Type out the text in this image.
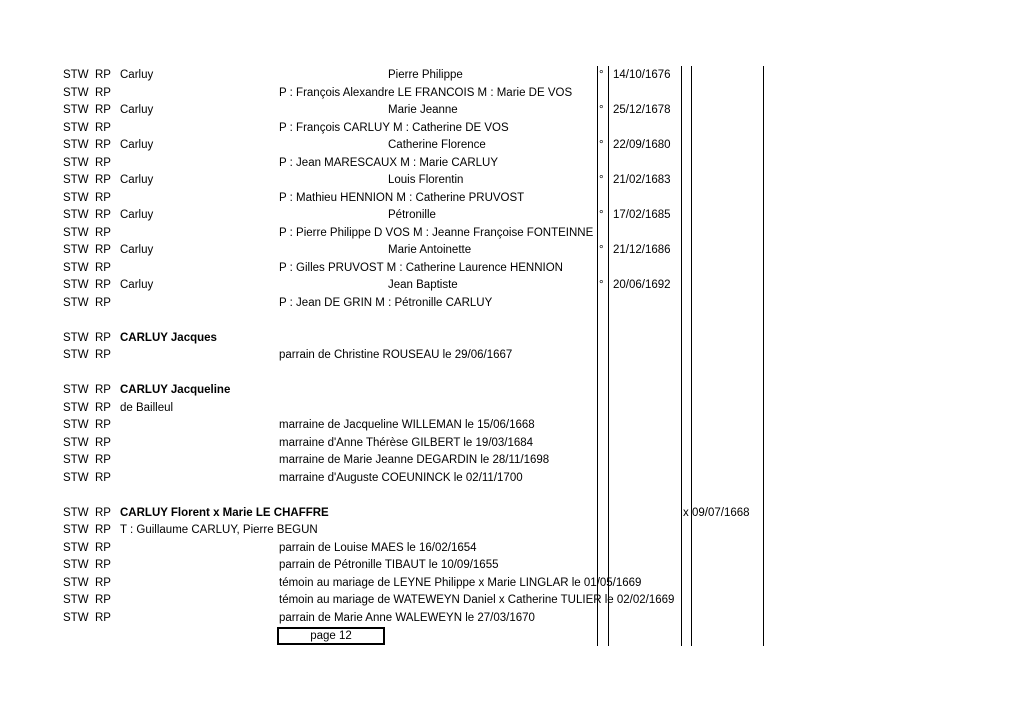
STW RP Carluy	Pierre Philippe	° 14/10/1676
STW RP	P : François Alexandre LE FRANCOIS M : Marie DE VOS
STW RP Carluy	Marie Jeanne	° 25/12/1678
STW RP	P : François CARLUY M : Catherine DE VOS
STW RP Carluy	Catherine Florence	° 22/09/1680
STW RP	P : Jean MARESCAUX M : Marie CARLUY
STW RP Carluy	Louis Florentin	° 21/02/1683
STW RP	P : Mathieu HENNION M : Catherine PRUVOST
STW RP Carluy	Pétronille	° 17/02/1685
STW RP	P : Pierre Philippe D VOS M : Jeanne Françoise FONTEINNE
STW RP Carluy	Marie Antoinette	° 21/12/1686
STW RP	P : Gilles PRUVOST M : Catherine Laurence HENNION
STW RP Carluy	Jean Baptiste	° 20/06/1692
STW RP	P : Jean DE GRIN M : Pétronille CARLUY
STW RP CARLUY Jacques
STW RP	parrain de Christine ROUSEAU le 29/06/1667
STW RP CARLUY Jacqueline
STW RP de Bailleul
STW RP	marraine de Jacqueline WILLEMAN le 15/06/1668
STW RP	marraine d'Anne Thérèse GILBERT le 19/03/1684
STW RP	marraine de Marie Jeanne DEGARDIN le 28/11/1698
STW RP	marraine d'Auguste COEUNINCK le 02/11/1700
STW RP CARLUY Florent x Marie LE CHAFFRE	x 09/07/1668
STW RP T : Guillaume CARLUY, Pierre BEGUN
STW RP	parrain de Louise MAES le 16/02/1654
STW RP	parrain de Pétronille TIBAUT le 10/09/1655
STW RP	témoin au mariage de LEYNE Philippe x Marie LINGLAR le 01/05/1669
STW RP	témoin au mariage de WATEWEYN Daniel x Catherine TULIER le 02/02/1669
STW RP	parrain de Marie Anne WALEWEYN le 27/03/1670
page 12
